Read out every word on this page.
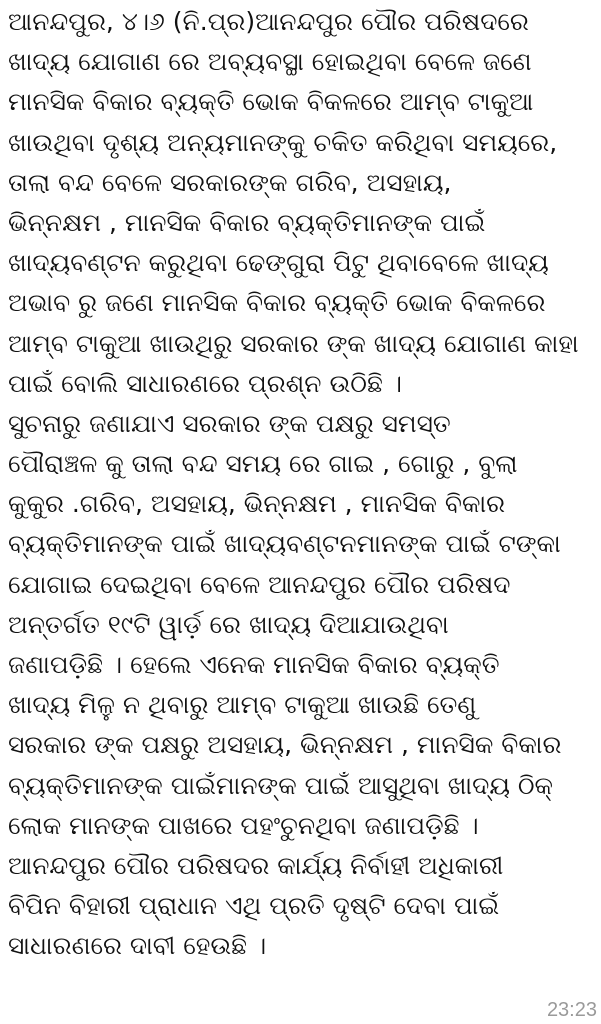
ଆନନ୍ଦପୁର, ୪।୬ (ନି.ପ୍ର)ଆନନ୍ଦପୁର ପୌର ପରିଷଦରେ
ଖାଦ୍ୟ ଯୋଗାଣ ରେ ଅବ୍ୟବସ୍ଥା ହୋଇଥିବା ବେଳେ ଜଣେ
ମାନସିକ ବିକାର ବ୍ୟକ୍ତି ଭୋକ ବିକଳରେ ଆମ୍ବ ଟାକୁଆ
ଖାଉଥିବା ଦୃଶ୍ୟ ଅନ୍ୟମାନଙ୍କୁ ଚକିତ କରିଥିବା ସମୟରେ,
ତାଲା ବନ୍ଦ ବେଳେ ସରକାରଙ୍କ ଗରିବ, ଅସହାୟ,
ଭିନ୍ନକ୍ଷମ , ମାନସିକ ବିକାର ବ୍ୟକ୍ତିମାନଙ୍କ ପାଇଁ
ଖାଦ୍ୟବଣ୍ଟନ କରୁଥିବା ଢେଙ୍ଗୁରା ପିଟୁ ଥିବାବେଳେ ଖାଦ୍ୟ
ଅଭାବ ରୁ ଜଣେ ମାନସିକ ବିକାର ବ୍ୟକ୍ତି ଭୋକ ବିକଳରେ
ଆମ୍ବ ଟାକୁଆ ଖାଉଥିରୁ ସରକାର ଙ୍କ ଖାଦ୍ୟ ଯୋଗାଣ କାହା
ପାଇଁ ବୋଲି ସାଧାରଣରେ ପ୍ରଶ୍ନ ଉଠିଛି ।
ସୁଚନାରୁ ଜଣାଯାଏ ସରକାର ଙ୍କ ପକ୍ଷରୁ ସମସ୍ତ
ପୌରାଞ୍ଚଳ କୁ ତାଲା ବନ୍ଦ ସମୟ ରେ ଗାଇ , ଗୋରୁ , ବୁଲା
କୁକୁର .ଗରିବ, ଅସହାୟ, ଭିନ୍ନକ୍ଷମ , ମାନସିକ ବିକାର
ବ୍ୟକ୍ତିମାନଙ୍କ ପାଇଁ ଖାଦ୍ୟବଣ୍ଟନମାନଙ୍କ ପାଇଁ ଟଙ୍କା
ଯୋଗାଇ ଦେଇଥିବା ବେଳେ ଆନନ୍ଦପୁର ପୌର ପରିଷଦ
ଅନ୍ତର୍ଗତ ୧୯ଟି ୱାର୍ଡ଼ ରେ ଖାଦ୍ୟ ଦିଆଯାଉଥିବା
ଜଣାପଡ଼ିଛି । ହେଲେ ଏନେକ ମାନସିକ ବିକାର ବ୍ୟକ୍ତି
ଖାଦ୍ୟ ମିଳୁ ନ ଥିବାରୁ ଆମ୍ବ ଟାକୁଆ ଖାଉଛି ତେଣୁ
ସରକାର ଙ୍କ ପକ୍ଷରୁ ଅସହାୟ, ଭିନ୍ନକ୍ଷମ , ମାନସିକ ବିକାର
ବ୍ୟକ୍ତିମାନଙ୍କ ପାଇଁମାନଙ୍କ ପାଇଁ ଆସୁଥିବା ଖାଦ୍ୟ ଠିକ୍
ଲୋକ ମାନଙ୍କ ପାଖରେ ପହଂଚୁନଥିବା ଜଣାପଡ଼ିଛି ।
ଆନନ୍ଦପୁର ପୌର ପରିଷଦର କାର୍ଯ୍ୟ ନିର୍ବାହୀ ଅଧିକାରୀ
ବିପିନ ବିହାରୀ ପ୍ରାଧାନ ଏଥି ପ୍ରତି ଦୃଷ୍ଟି ଦେବା ପାଇଁ
ସାଧାରଣରେ ଦାବୀ ହେଉଛି ।
23:23
